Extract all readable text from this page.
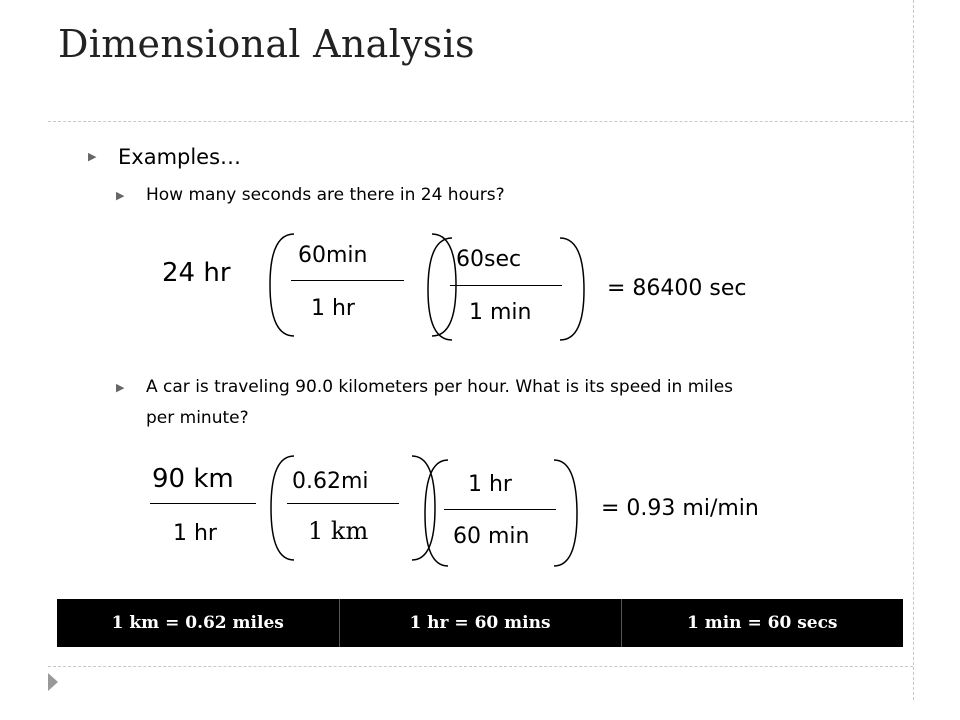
Dimensional Analysis
▶	Examples…
▶	How many seconds are there in 24 hours?
▶	A car is traveling 90.0 kilometers per hour. What is its speed in miles
per minute?
24 hr
60min
1 hr
60sec
1 min
= 86400 sec
90 km
1 hr
0.62mi
1 km
1 hr
60 min
= 0.93 mi/min
1 km = 0.62 miles	1 hr = 60 mins	1 min = 60 secs
